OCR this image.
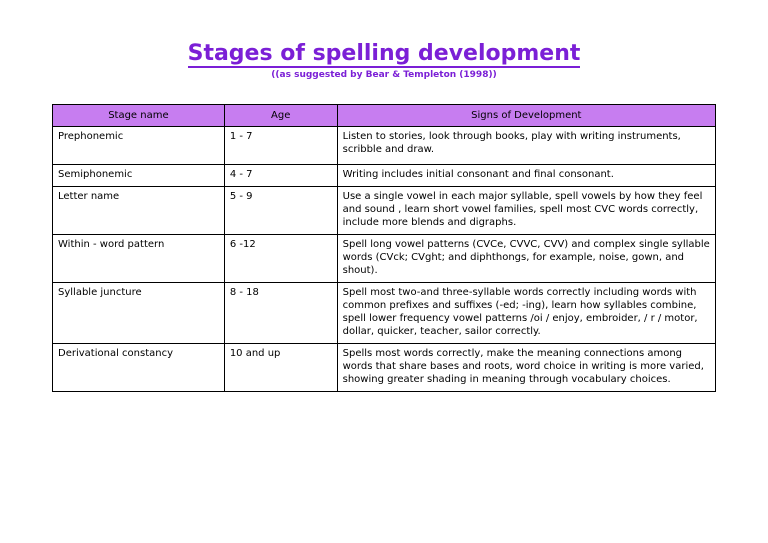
Stages of spelling development
((as suggested by Bear & Templeton (1998))
Stage name	Age	Signs of Development
Prephonemic	1 - 7	Listen to stories, look through books, play with writing instruments, scribble and draw.
Semiphonemic	4 - 7	Writing includes initial consonant and final consonant.
Letter name	5 - 9	Use a single vowel in each major syllable, spell vowels by how they feel and sound , learn short vowel families, spell most CVC words correctly, include more blends and digraphs.
Within - word pattern	6 -12	Spell long vowel patterns (CVCe, CVVC, CVV) and complex single syllable words (CVck; CVght; and diphthongs, for example, noise, gown, and shout).
Syllable juncture	8 - 18	Spell most two-and three-syllable words correctly including words with common prefixes and suffixes (-ed; -ing), learn how syllables combine, spell lower frequency vowel patterns /oi / enjoy, embroider, / r / motor, dollar, quicker, teacher, sailor correctly.
Derivational constancy	10 and up	Spells most words correctly, make the meaning connections among words that share bases and roots, word choice in writing is more varied, showing greater shading in meaning through vocabulary choices.
